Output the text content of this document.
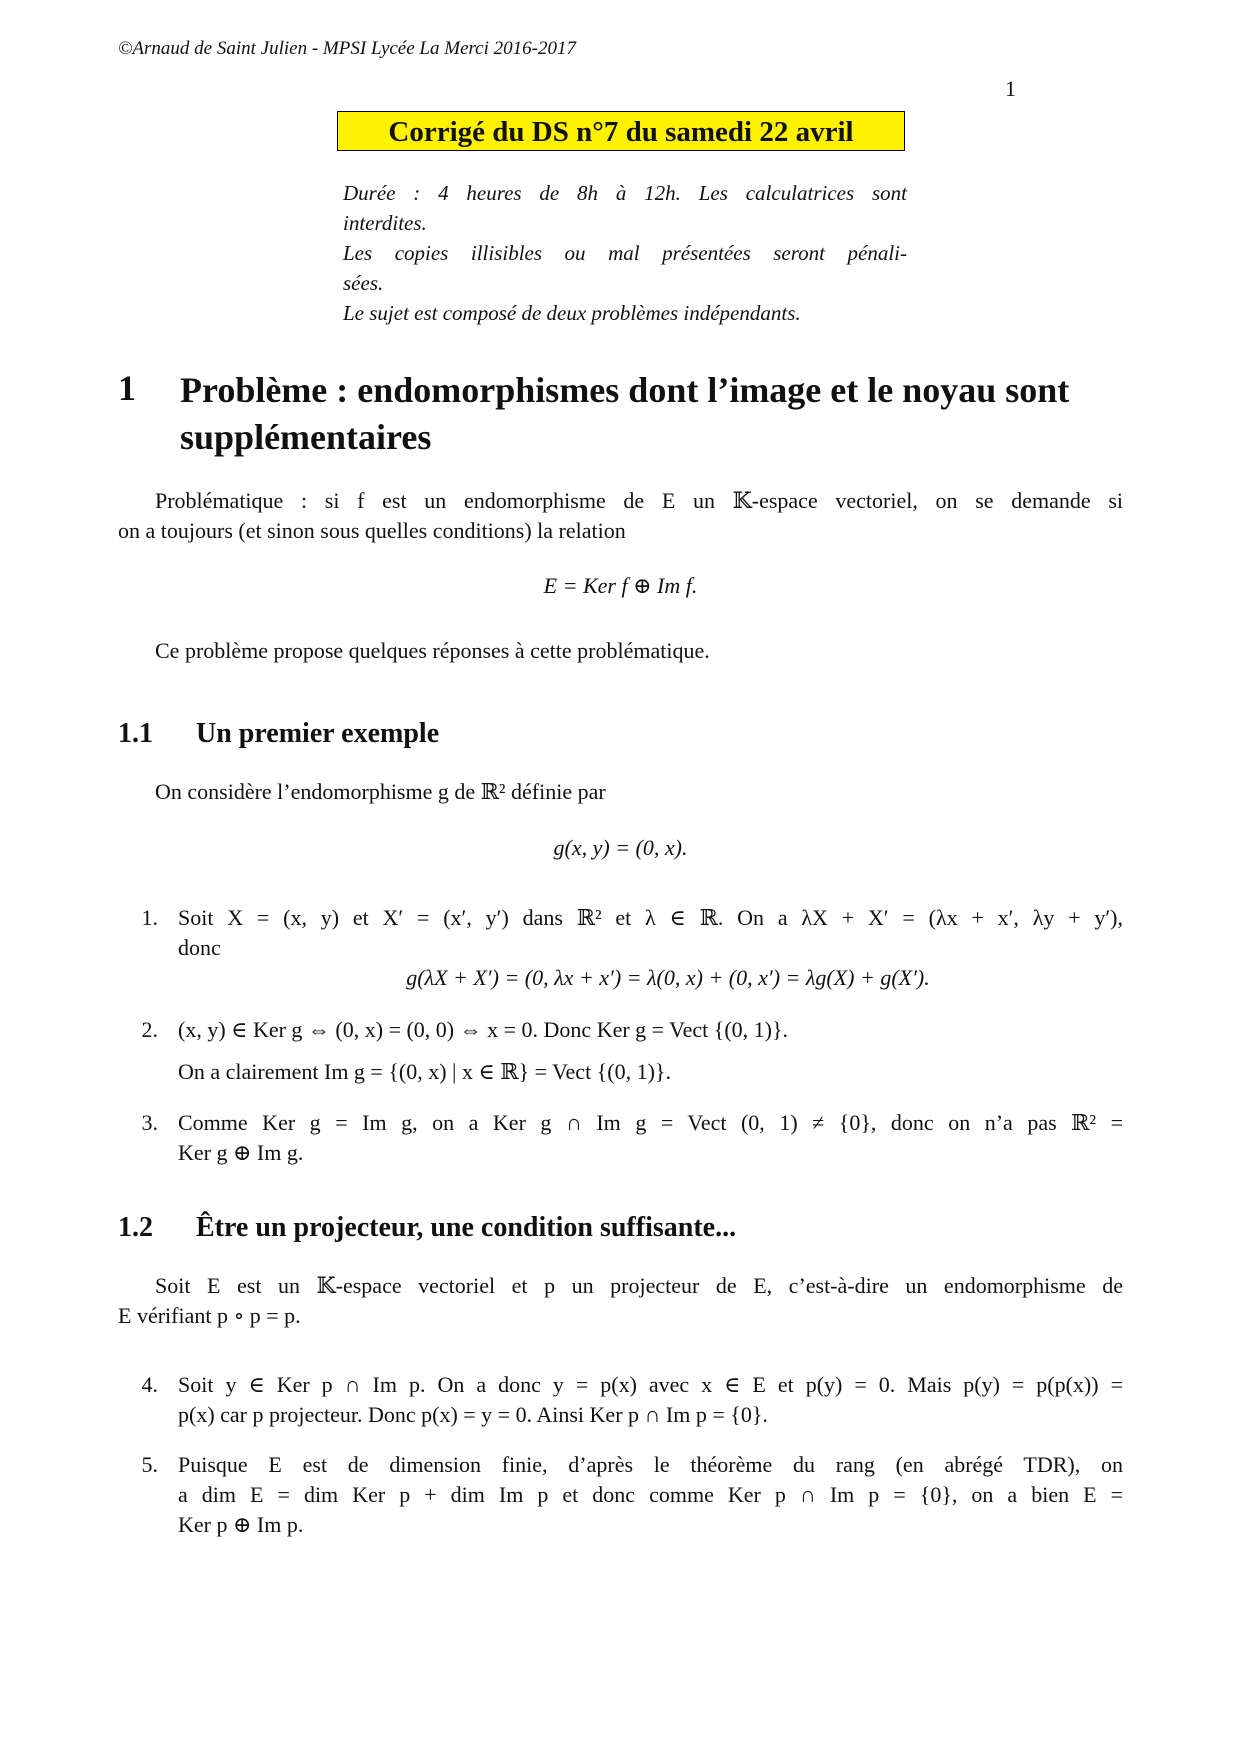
©Arnaud de Saint Julien - MPSI Lycée La Merci 2016-2017
1
Corrigé du DS n°7 du samedi 22 avril

Durée : 4 heures de 8h à 12h. Les calculatrices sont

interdites.

Les copies illisibles ou mal présentées seront pénali-

sées.

Le sujet est composé de deux problèmes indépendants.

1 Problème : endomorphismes dont l’image et le noyau sont supplémentaires
Problématique : si f est un endomorphisme de E un 𝕂-espace vectoriel, on se demande si
on a toujours (et sinon sous quelles conditions) la relation
E = Ker f ⊕ Im f.
Ce problème propose quelques réponses à cette problématique.
1.1 Un premier exemple
On considère l’endomorphisme g de ℝ² définie par
g(x, y) = (0, x).
1. Soit X = (x, y) et X′ = (x′, y′) dans ℝ² et λ ∈ ℝ. On a λX + X′ = (λx + x′, λy + y′),
donc
g(λX + X′) = (0, λx + x′) = λ(0, x) + (0, x′) = λg(X) + g(X′).
2. (x, y) ∈ Ker g ⇔ (0, x) = (0, 0) ⇔ x = 0. Donc Ker g = Vect {(0, 1)}.
On a clairement Im g = {(0, x) | x ∈ ℝ} = Vect {(0, 1)}.
3. Comme Ker g = Im g, on a Ker g ∩ Im g = Vect (0, 1) ≠ {0}, donc on n’a pas ℝ² =
Ker g ⊕ Im g.
1.2 Être un projecteur, une condition suffisante...
Soit E est un 𝕂-espace vectoriel et p un projecteur de E, c’est-à-dire un endomorphisme de
E vérifiant p ∘ p = p.
4. Soit y ∈ Ker p ∩ Im p. On a donc y = p(x) avec x ∈ E et p(y) = 0. Mais p(y) = p(p(x)) =
p(x) car p projecteur. Donc p(x) = y = 0. Ainsi Ker p ∩ Im p = {0}.
5. Puisque E est de dimension finie, d’après le théorème du rang (en abrégé TDR), on
a dim E = dim Ker p + dim Im p et donc comme Ker p ∩ Im p = {0}, on a bien E =
Ker p ⊕ Im p.
